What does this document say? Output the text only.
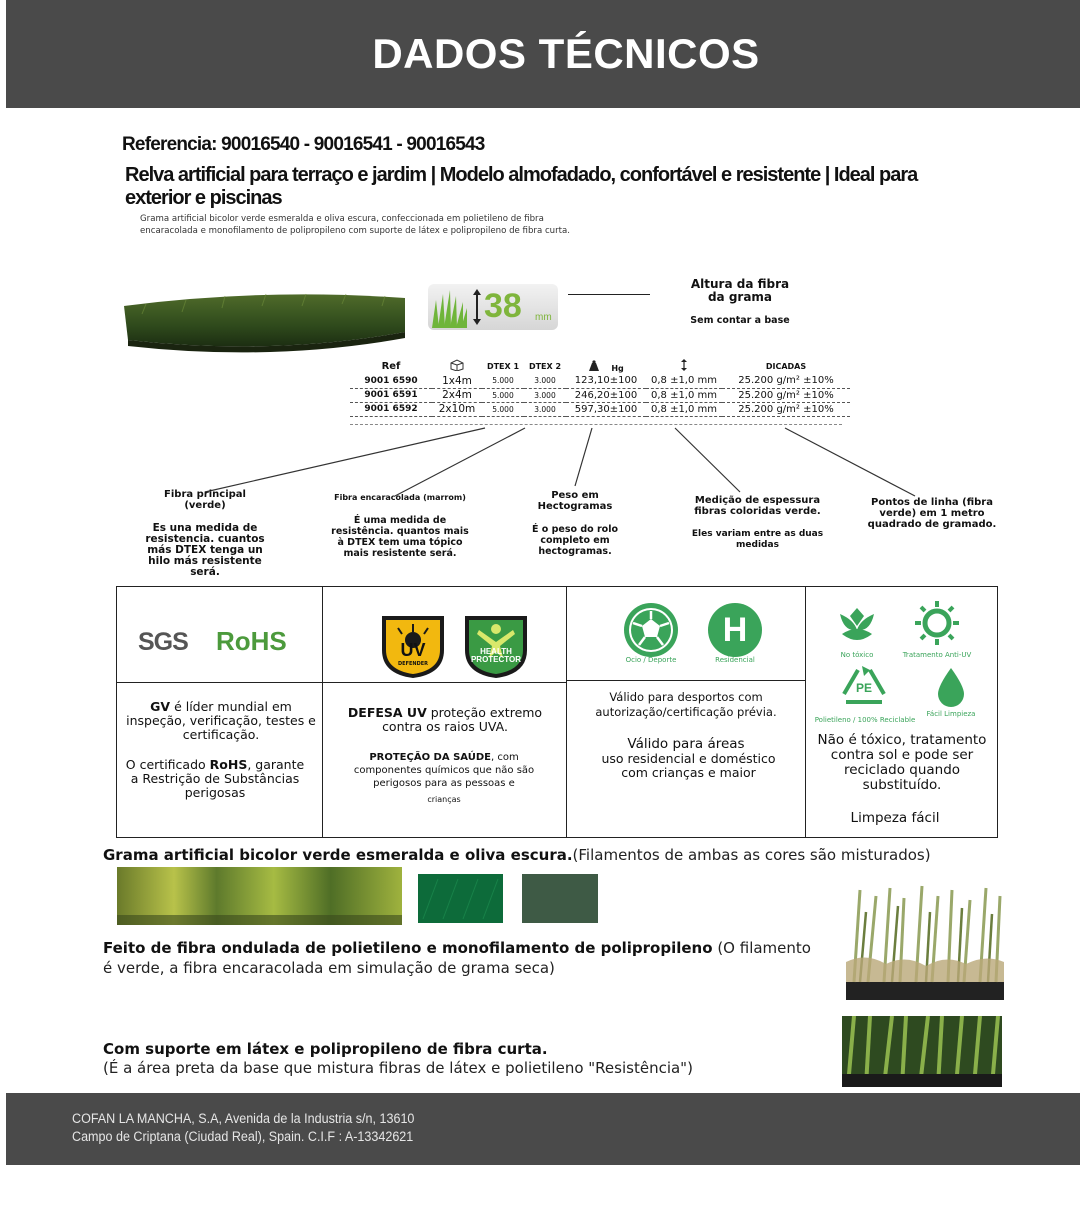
DADOS TÉCNICOS
Referencia: 90016540 - 90016541 - 90016543
Relva artificial para terraço e jardim | Modelo almofadado, confortável e resistente | Ideal para exterior e piscinas
Grama artificial bicolor verde esmeralda e oliva escura, confeccionada em polietileno de fibra
encaracolada e monofilamento de polipropileno com suporte de látex e polipropileno de fibra curta.
38 mm
Altura da fibra
da grama
Sem contar a base
Ref		DTEX 1	DTEX 2	Hg		DICADAS
9001 6590	1x4m	5.000	3.000	123,10±100	0,8 ±1,0 mm	25.200 g/m² ±10%
9001 6591	2x4m	5.000	3.000	246,20±100	0,8 ±1,0 mm	25.200 g/m² ±10%
9001 6592	2x10m	5.000	3.000	597,30±100	0,8 ±1,0 mm	25.200 g/m² ±10%
Fibra principal
(verde)
Es una medida de resistencia. cuantos más DTEX tenga un hilo más resistente será.
Fibra encaracolada (marrom)
É uma medida de resistência. quantos mais à DTEX tem uma tópico mais resistente será.
Peso em
Hectogramas
É o peso do rolo completo em hectogramas.
Medição de espessura fibras coloridas verde.
Eles variam entre as duas medidas
Pontos de linha (fibra verde) em 1 metro quadrado de gramado.
SGS RoHS
GV é líder mundial em inspeção, verificação, testes e certificação.
O certificado RoHS, garante a Restrição de Substâncias perigosas
UV
DEFENDER
HEALTH
PROTECTOR
DEFESA UV proteção extremo contra os raios UVA.
PROTEÇÃO DA SAÚDE, com componentes químicos que não são perigosos para as pessoas e
crianças
Ocio / Deporte
H
Residencial
Válido para desportos com autorização/certificação prévia.
Válido para áreas
uso residencial e doméstico com crianças e maior
No tóxico	Tratamento Anti-UV
PE
Polietileno / 100% Reciclable
Fácil Limpieza
Não é tóxico, tratamento contra sol e pode ser reciclado quando substituído.
Limpeza fácil
Grama artificial bicolor verde esmeralda e oliva escura.(Filamentos de ambas as cores são misturados)
Feito de fibra ondulada de polietileno e monofilamento de polipropileno (O filamento é verde, a fibra encaracolada em simulação de grama seca)
Com suporte em látex e polipropileno de fibra curta.
(É a área preta da base que mistura fibras de látex e polietileno "Resistência")
COFAN LA MANCHA, S.A, Avenida de la Industria s/n, 13610
Campo de Criptana (Ciudad Real), Spain. C.I.F : A-13342621
